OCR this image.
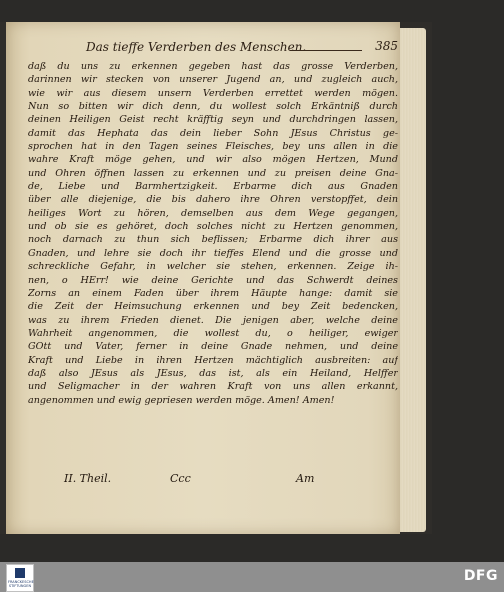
Das tieffe Verderben des Menschen.	385
daß du uns zu erkennen gegeben hast das grosse Verderben,
darinnen wir stecken von unserer Jugend an, und zugleich auch,
wie wir aus diesem unsern Verderben errettet werden mögen.
Nun so bitten wir dich denn, du wollest solch Erkäntniß durch
deinen Heiligen Geist recht kräfftig seyn und durchdringen lassen,
damit das Hephata das dein lieber Sohn JEsus Christus ge-
sprochen hat in den Tagen seines Fleisches, bey uns allen in die
wahre Kraft möge gehen, und wir also mögen Hertzen, Mund
und Ohren öffnen lassen zu erkennen und zu preisen deine Gna-
de, Liebe und Barmhertzigkeit. Erbarme dich aus Gnaden
über alle diejenige, die bis dahero ihre Ohren verstopffet, dein
heiliges Wort zu hören, demselben aus dem Wege gegangen,
und ob sie es gehöret, doch solches nicht zu Hertzen genommen,
noch darnach zu thun sich beflissen; Erbarme dich ihrer aus
Gnaden, und lehre sie doch ihr tieffes Elend und die grosse und
schreckliche Gefahr, in welcher sie stehen, erkennen. Zeige ih-
nen, o HErr! wie deine Gerichte und das Schwerdt deines
Zorns an einem Faden über ihrem Häupte hange: damit sie
die Zeit der Heimsuchung erkennen und bey Zeit bedencken,
was zu ihrem Frieden dienet. Die jenigen aber, welche deine
Wahrheit angenommen, die wollest du, o heiliger, ewiger
GOtt und Vater, ferner in deine Gnade nehmen, und deine
Kraft und Liebe in ihren Hertzen mächtiglich ausbreiten: auf
daß also JEsus als JEsus, das ist, als ein Heiland, Helffer
und Seligmacher in der wahren Kraft von uns allen erkannt,
angenommen und ewig gepriesen werden möge. Amen! Amen!
II. Theil.	Ccc	Am
FRANCKESCHE STIFTUNGEN
DFG
